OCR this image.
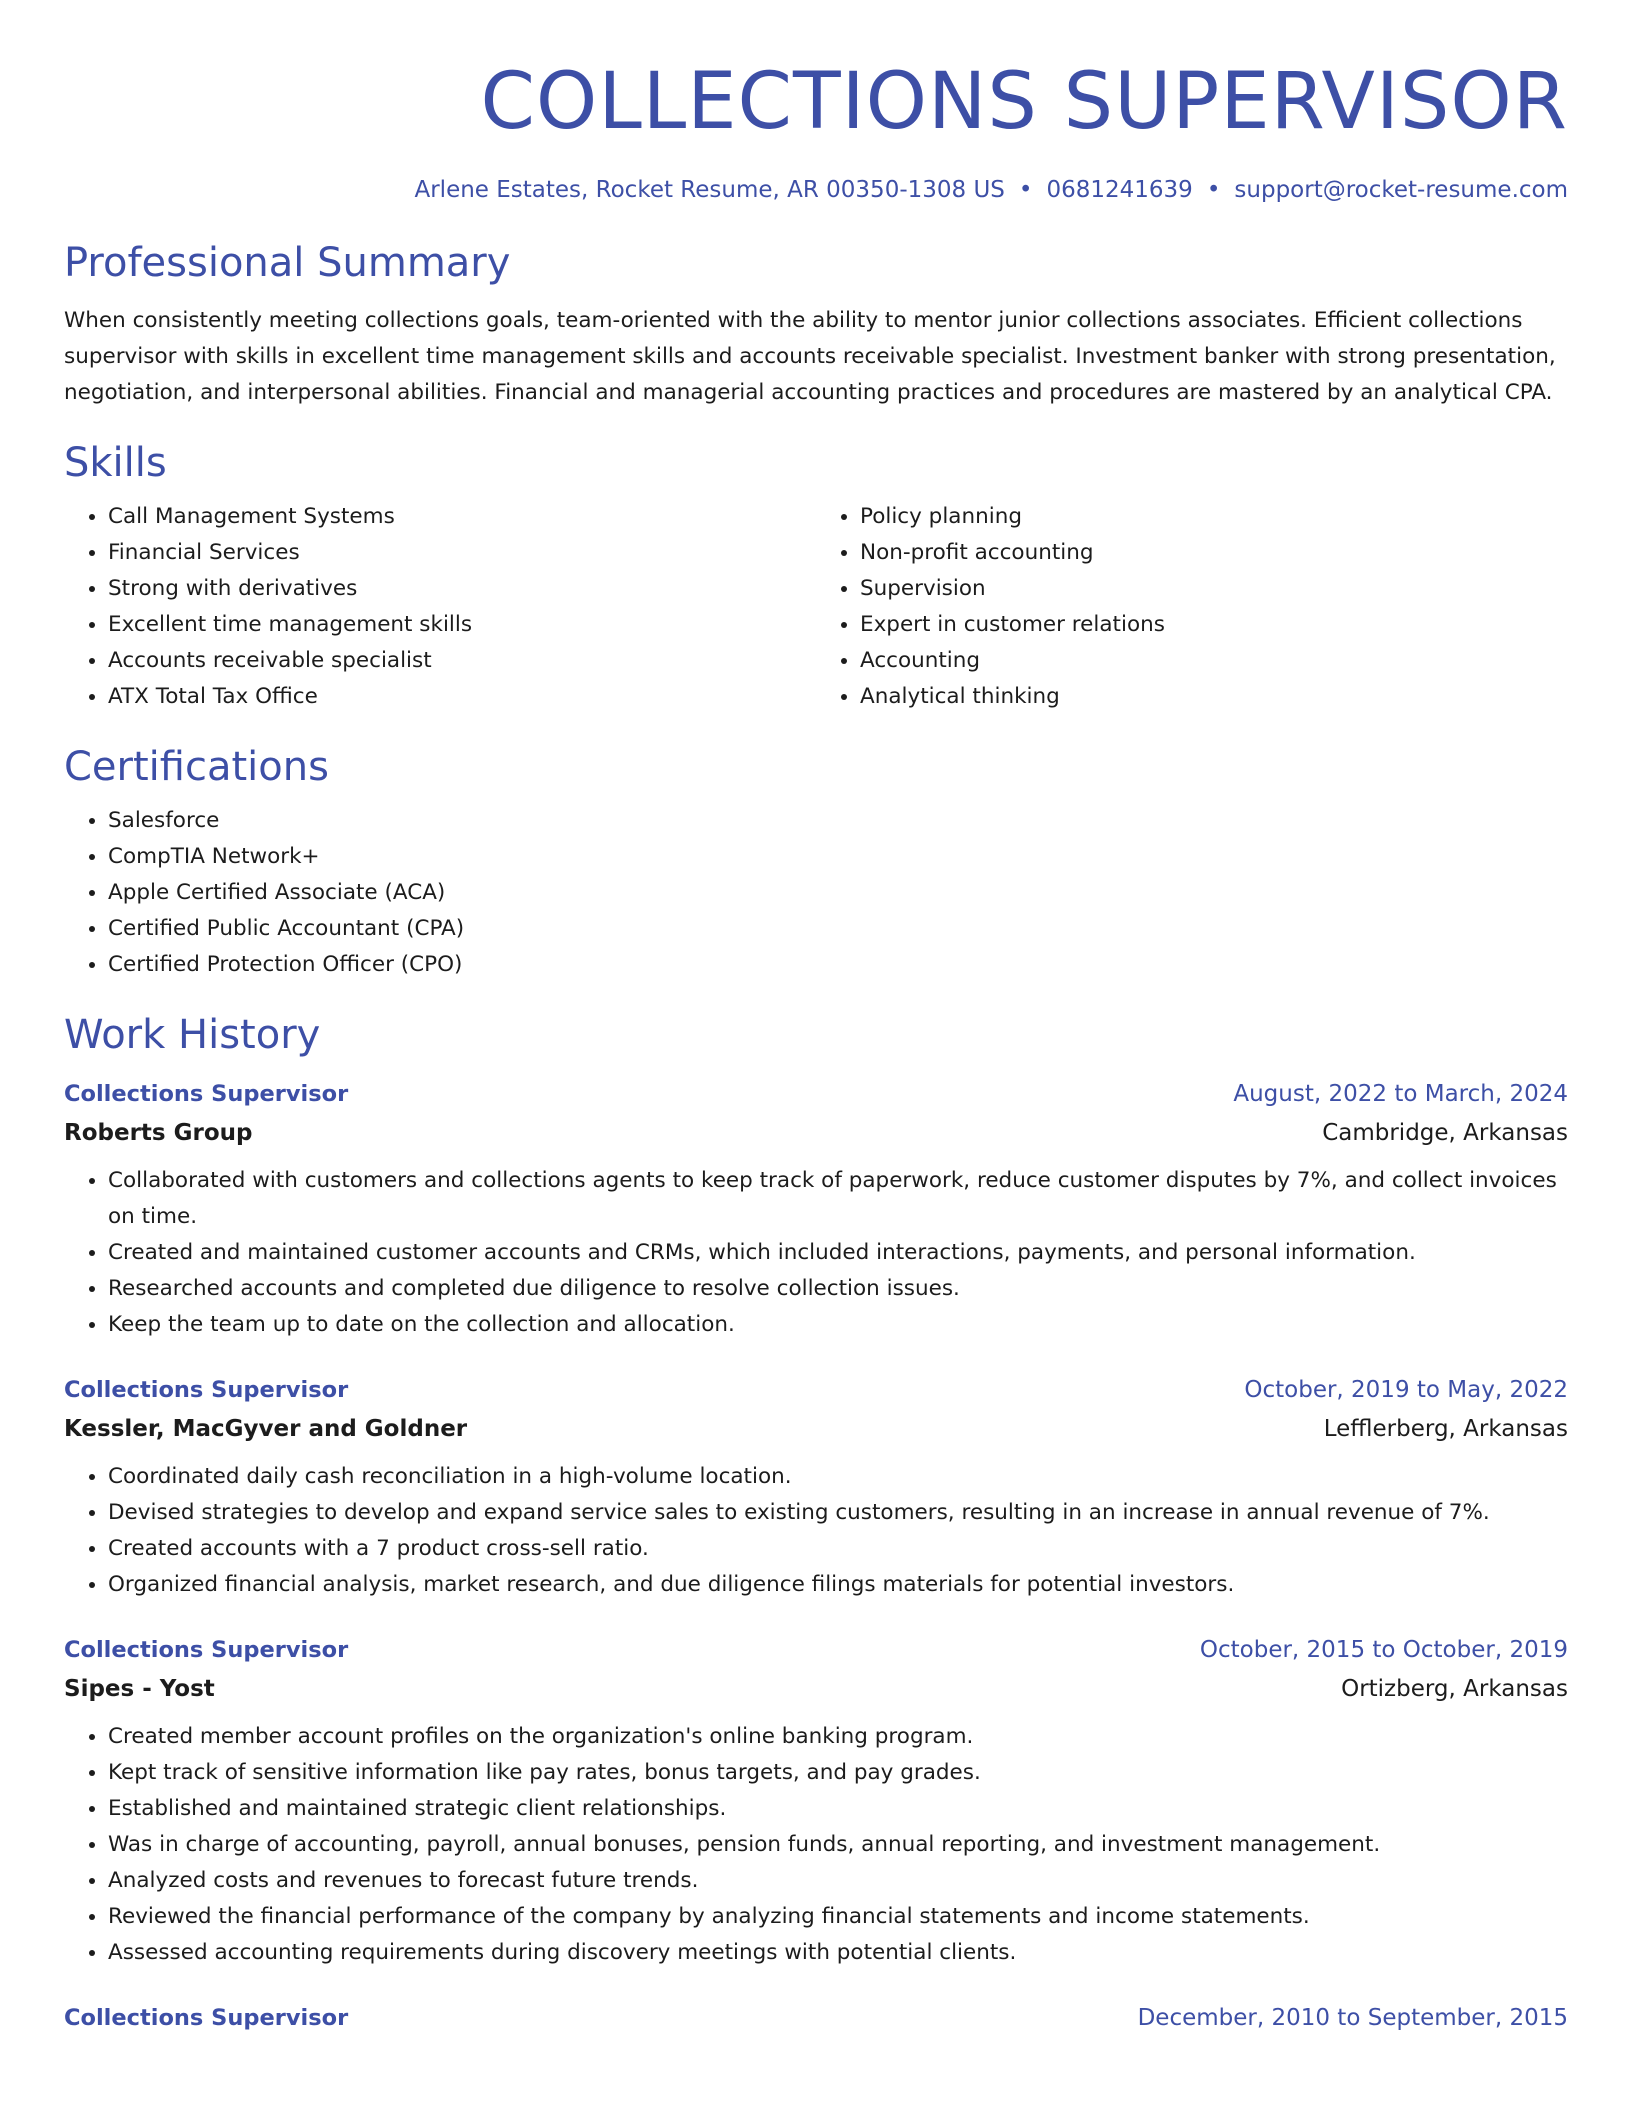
COLLECTIONS SUPERVISOR
Arlene Estates, Rocket Resume, AR 00350-1308 US • 0681241639 • support@rocket-resume.com
Professional Summary
When consistently meeting collections goals, team-oriented with the ability to mentor junior collections associates. Efficient collections supervisor with skills in excellent time management skills and accounts receivable specialist. Investment banker with strong presentation, negotiation, and interpersonal abilities. Financial and managerial accounting practices and procedures are mastered by an analytical CPA.
Skills
• Call Management Systems
• Financial Services
• Strong with derivatives
• Excellent time management skills
• Accounts receivable specialist
• ATX Total Tax Office
• Policy planning
• Non-profit accounting
• Supervision
• Expert in customer relations
• Accounting
• Analytical thinking
Certifications
• Salesforce
• CompTIA Network+
• Apple Certified Associate (ACA)
• Certified Public Accountant (CPA)
• Certified Protection Officer (CPO)
Work History
Collections Supervisor	August, 2022 to March, 2024
Roberts Group	Cambridge, Arkansas
• Collaborated with customers and collections agents to keep track of paperwork, reduce customer disputes by 7%, and collect invoices on time.
• Created and maintained customer accounts and CRMs, which included interactions, payments, and personal information.
• Researched accounts and completed due diligence to resolve collection issues.
• Keep the team up to date on the collection and allocation.
Collections Supervisor	October, 2019 to May, 2022
Kessler, MacGyver and Goldner	Lefflerberg, Arkansas
• Coordinated daily cash reconciliation in a high-volume location.
• Devised strategies to develop and expand service sales to existing customers, resulting in an increase in annual revenue of 7%.
• Created accounts with a 7 product cross-sell ratio.
• Organized financial analysis, market research, and due diligence filings materials for potential investors.
Collections Supervisor	October, 2015 to October, 2019
Sipes - Yost	Ortizberg, Arkansas
• Created member account profiles on the organization's online banking program.
• Kept track of sensitive information like pay rates, bonus targets, and pay grades.
• Established and maintained strategic client relationships.
• Was in charge of accounting, payroll, annual bonuses, pension funds, annual reporting, and investment management.
• Analyzed costs and revenues to forecast future trends.
• Reviewed the financial performance of the company by analyzing financial statements and income statements.
• Assessed accounting requirements during discovery meetings with potential clients.
Collections Supervisor	December, 2010 to September, 2015
